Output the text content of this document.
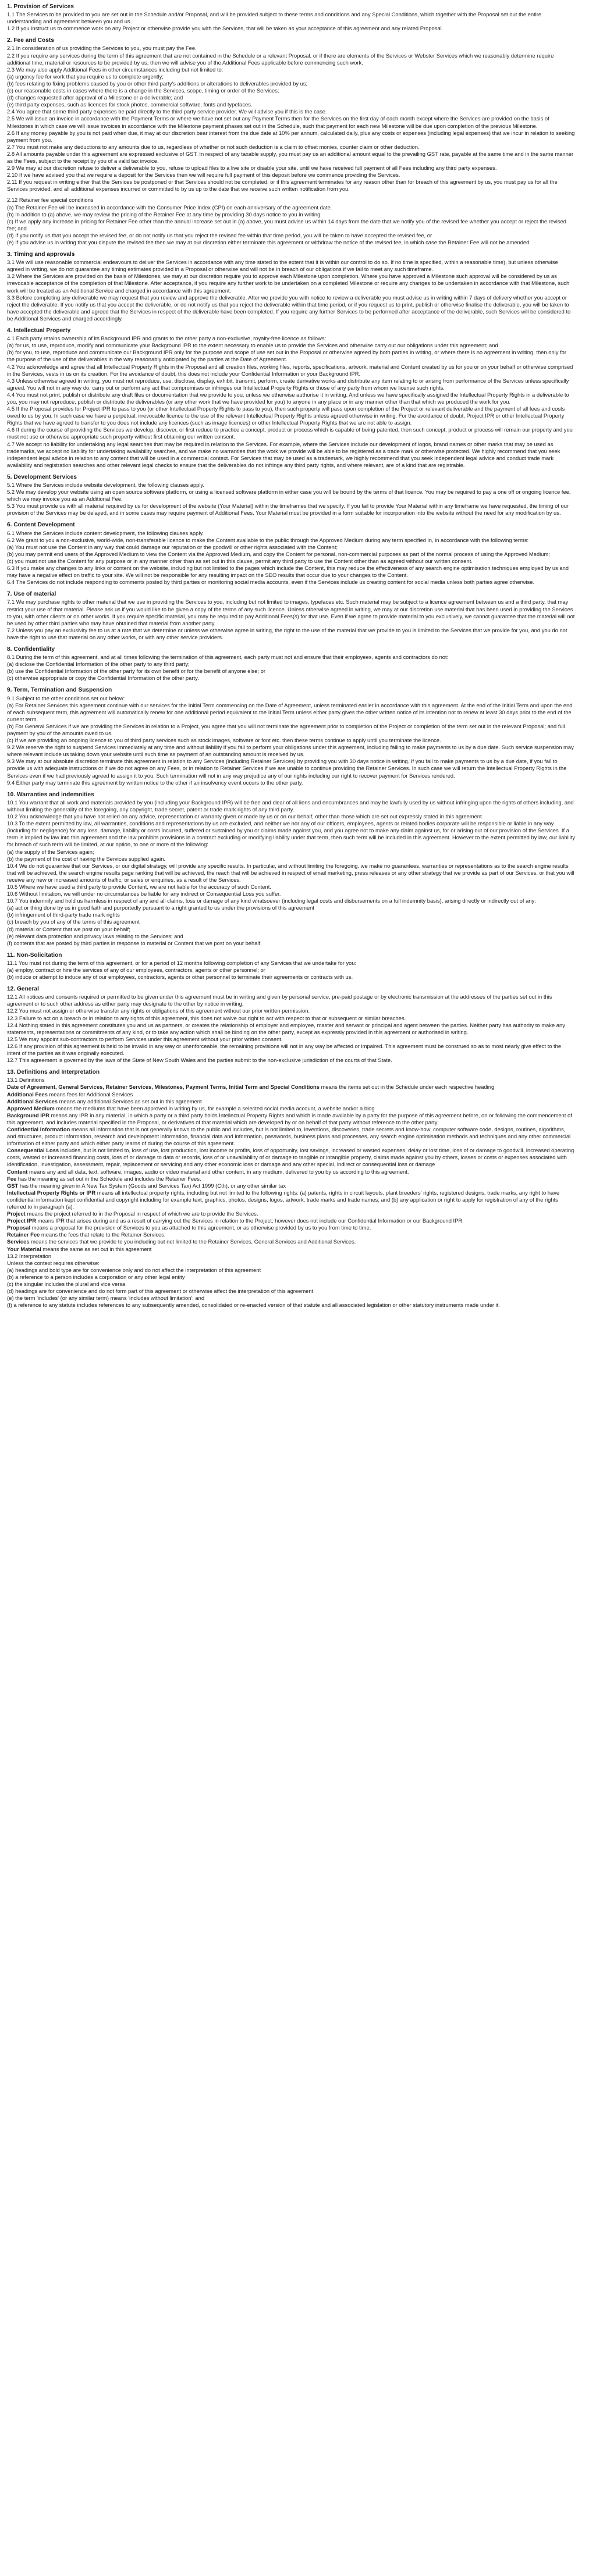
1. Provision of Services

1.1 The Services to be provided to you are set out in the Schedule and/or Proposal, and will be provided subject to these terms and conditions and any Special Conditions, which together with the Proposal set out the entire understanding and agreement between you and us.

1.2 If you instruct us to commence work on any Project or otherwise provide you with the Services, that will be taken as your acceptance of this agreement and any related Proposal.

2. Fee and Costs

2.1 In consideration of us providing the Services to you, you must pay the Fee.

2.2 If you require any services during the term of this agreement that are not contained in the Schedule or a relevant Proposal, or if there are elements of the Services or Webster Services which we reasonably determine require additional time, material or resources to be provided by us, then we will advise you of the Additional Fees applicable before commencing such work.

2.3 We may also apply Additional Fees in other circumstances including but not limited to:

(a) urgency fee for work that you require us to complete urgently;

(b) fees relating to fixing problems caused by you or other third party's additions or alterations to deliverables provided by us;

(c) our reasonable costs in cases where there is a change in the Services, scope, timing or order of the Services;

(d) changes requested after approval of a Milestone or a deliverable; and

(e) third party expenses, such as licences for stock photos, commercial software, fonts and typefaces.

2.4 You agree that some third party expenses be paid directly to the third party service provider. We will advise you if this is the case.

2.5 We will issue an invoice in accordance with the Payment Terms or where we have not set out any Payment Terms then for the Services on the first day of each month except where the Services are provided on the basis of Milestones in which case we will issue invoices in accordance with the Milestone payment phases set out in the Schedule, such that payment for each new Milestone will be due upon completion of the previous Milestone.

2.6 If any money payable by you is not paid when due, it may at our discretion bear interest from the due date at 10% per annum, calculated daily, plus any costs or expenses (including legal expenses) that we incur in relation to seeking payment from you.

2.7 You must not make any deductions to any amounts due to us, regardless of whether or not such deduction is a claim to offset monies, counter claim or other deduction.

2.8 All amounts payable under this agreement are expressed exclusive of GST. In respect of any taxable supply, you must pay us an additional amount equal to the prevailing GST rate, payable at the same time and in the same manner as the Fees, subject to the receipt by you of a valid tax invoice.

2.9 We may at our discretion refuse to deliver a deliverable to you, refuse to upload files to a live site or disable your site, until we have received full payment of all Fees including any third party expenses.

2.10 If we have advised you that we require a deposit for the Services then we will require full payment of this deposit before we commence providing the Services.

2.11 If you request in writing either that the Services be postponed or that Services should not be completed, or if this agreement terminates for any reason other than for breach of this agreement by us, you must pay us for all the Services provided, and all additional expenses incurred or committed to by us up to the date that we receive such written notification from you.

2.12 Retainer fee special conditions

(a) The Retainer Fee will be increased in accordance with the Consumer Price Index (CPI) on each anniversary of the agreement date.

(b) In addition to (a) above, we may review the pricing of the Retainer Fee at any time by providing 30 days notice to you in writing.

(c) If we apply any increase in pricing for Retainer Fee other than the annual increase set out in (a) above, you must advise us within 14 days from the date that we notify you of the revised fee whether you accept or reject the revised fee; and

(d) If you notify us that you accept the revised fee, or do not notify us that you reject the revised fee within that time period, you will be taken to have accepted the revised fee, or

(e) If you advise us in writing that you dispute the revised fee then we may at our discretion either terminate this agreement or withdraw the notice of the revised fee, in which case the Retainer Fee will not be amended.

3. Timing and approvals

3.1 We will use reasonable commercial endeavours to deliver the Services in accordance with any time stated to the extent that it is within our control to do so. If no time is specified, within a reasonable time), but unless otherwise agreed in writing, we do not guarantee any timing estimates provided in a Proposal or otherwise and will not be in breach of our obligations if we fail to meet any such timeframe.

3.2 Where the Services are provided on the basis of Milestones, we may at our discretion require you to approve each Milestone upon completion. Where you have approved a Milestone such approval will be considered by us as irrevocable acceptance of the completion of that Milestone. After acceptance, if you require any further work to be undertaken on a completed Milestone or require any changes to be undertaken in accordance with that Milestone, such work will be treated as an Additional Service and charged in accordance with this agreement.

3.3 Before completing any deliverable we may request that you review and approve the deliverable. After we provide you with notice to review a deliverable you must advise us in writing within 7 days of delivery whether you accept or reject the deliverable. If you notify us that you accept the deliverable, or do not notify us that you reject the deliverable within that time period, or if you request us to print, publish or otherwise finalise the deliverable, you will be taken to have accepted the deliverable and agreed that the Services in respect of the deliverable have been completed. If you require any further Services to be performed after acceptance of the deliverable, such Services will be considered to be Additional Services and charged accordingly.

4. Intellectual Property

4.1 Each party retains ownership of its Background IPR and grants to the other party a non-exclusive, royalty-free licence as follows:

(a) for us, to use, reproduce, modify and communicate your Background IPR to the extent necessary to enable us to provide the Services and otherwise carry out our obligations under this agreement; and

(b) for you, to use, reproduce and communicate our Background IPR only for the purpose and scope of use set out in the Proposal or otherwise agreed by both parties in writing, or where there is no agreement in writing, then only for the purpose of the use of the deliverables in the way reasonably anticipated by the parties at the Date of Agreement.

4.2 You acknowledge and agree that all Intellectual Property Rights in the Proposal and all creation files, working files, reports, specifications, artwork, material and Content created by us for you or on your behalf or otherwise comprised in the Services, vests in us on its creation. For the avoidance of doubt, this does not include your Confidential Information or your Background IPR.

4.3 Unless otherwise agreed in writing, you must not reproduce, use, disclose, display, exhibit, transmit, perform, create derivative works and distribute any item relating to or arising from performance of the Services unless specifically agreed. You will not in any way do, carry out or perform any act that compromises or infringes our Intellectual Property Rights or those of any party from whom we license such rights.

4.4 You must not print, publish or distribute any draft files or documentation that we provide to you, unless we otherwise authorise it in writing. And unless we have specifically assigned the Intellectual Property Rights in a deliverable to you, you may not reproduce, publish or distribute the deliverables (or any other work that we have provided for you) to anyone in any place or in any manner other than that which we produced the work for you.

4.5 If the Proposal provides for Project IPR to pass to you (or other Intellectual Property Rights to pass to you), then such property will pass upon completion of the Project or relevant deliverable and the payment of all fees and costs owed to us by you. In such case we have a perpetual, irrevocable licence to the use of the relevant Intellectual Property Rights unless agreed otherwise in writing. For the avoidance of doubt, Project IPR or other Intellectual Property Rights that we have agreed to transfer to you does not include any licences (such as image licences) or other Intellectual Property Rights that we are not able to assign.

4.6 If during the course of providing the Services we develop, discover, or first reduce to practice a concept, product or process which is capable of being patented, then such concept, product or process will remain our property and you must not use or otherwise appropriate such property without first obtaining our written consent.

4.7 We accept no liability for undertaking any legal searches that may be required in relation to the Services. For example, where the Services include our development of logos, brand names or other marks that may be used as trademarks, we accept no liability for undertaking availability searches, and we make no warranties that the work we provide will be able to be registered as a trade mark or otherwise protected. We highly recommend that you seek independent legal advice in relation to any content that will be used in a commercial context. For Services that may be used as a trademark, we highly recommend that you seek independent legal advice and conduct trade mark availability and registration searches and other relevant legal checks to ensure that the deliverables do not infringe any third party rights, and where relevant, are of a kind that are registrable.

5. Development Services

5.1 Where the Services include website development, the following clauses apply.

5.2 We may develop your website using an open source software platform, or using a licensed software platform in either case you will be bound by the terms of that licence. You may be required to pay a one off or ongoing licence fee, which we may invoice you as an Additional Fee.

5.3 You must provide us with all material required by us for development of the website (Your Material) within the timeframes that we specify. If you fail to provide Your Material within any timeframe we have requested, the timing of our provision of the Services may be delayed, and in some cases may require payment of Additional Fees. Your Material must be provided in a form suitable for incorporation into the website without the need for any modification by us.

6. Content Development

6.1 Where the Services include content development, the following clauses apply.

6.2 We grant to you a non-exclusive, world-wide, non-transferable licence to make the Content available to the public through the Approved Medium during any term specified in, in accordance with the following terms:

(a) You must not use the Content in any way that could damage our reputation or the goodwill or other rights associated with the Content;

(b) you may permit end users of the Approved Medium to view the Content via the Approved Medium, and copy the Content for personal, non-commercial purposes as part of the normal process of using the Approved Medium;

(c) you must not use the Content for any purpose or in any manner other than as set out in this clause, permit any third party to use the Content other than as agreed without our written consent.

6.3 If you make any changes to any links or content on the website, including but not limited to the pages which include the Content, this may reduce the effectiveness of any search engine optimisation techniques employed by us and may have a negative effect on traffic to your site. We will not be responsible for any resulting impact on the SEO results that occur due to your changes to the Content.

6.4 The Services do not include responding to comments posted by third parties or monitoring social media accounts, even if the Services include us creating content for social media unless both parties agree otherwise.

7. Use of material

7.1 We may purchase rights to other material that we use in providing the Services to you, including but not limited to images, typefaces etc. Such material may be subject to a licence agreement between us and a third party, that may restrict your use of that material. Please ask us if you would like to be given a copy of the terms of any such licence. Unless otherwise agreed in writing, we may at our discretion use material that has been used in providing the Services to you, with other clients or on other works. If you require specific material, you may be required to pay Additional Fees(s) for that use. Even if we agree to provide material to you exclusively, we cannot guarantee that the material will not be used by other third parties who may have obtained that material from another party.

7.2 Unless you pay an exclusivity fee to us at a rate that we determine or unless we otherwise agree in writing, the right to the use of the material that we provide to you is limited to the Services that we provide for you, and you do not have the right to use that material on any other works, or with any other service providers.

8. Confidentiality

8.1 During the term of this agreement, and at all times following the termination of this agreement, each party must not and ensure that their employees, agents and contractors do not:

(a) disclose the Confidential Information of the other party to any third party;

(b) use the Confidential Information of the other party for its own benefit or for the benefit of anyone else; or

(c) otherwise appropriate or copy the Confidential Information of the other party.

9. Term, Termination and Suspension

9.1 Subject to the other conditions set out below:

(a) For Retainer Services this agreement continue with our services for the Initial Term commencing on the Date of Agreement, unless terminated earlier in accordance with this agreement. At the end of the Initial Term and upon the end of each subsequent term, this agreement will automatically renew for one additional period equivalent to the Initial Term unless either party gives the other written notice of its intention not to renew at least 30 days prior to the end of the current term.

(b) For General Services if we are providing the Services in relation to a Project, you agree that you will not terminate the agreement prior to completion of the Project or completion of the term set out in the relevant Proposal; and full payment by you of the amounts owed to us.

(c) If we are providing an ongoing licence to you of third party services such as stock images, software or font etc. then these terms continue to apply until you terminate the licence.

9.2 We reserve the right to suspend Services immediately at any time and without liability if you fail to perform your obligations under this agreement, including failing to make payments to us by a due date. Such service suspension may where relevant include us taking down your website until such time as payment of an outstanding amount is received by us.

9.3 We may at our absolute discretion terminate this agreement in relation to any Services (including Retainer Services) by providing you with 30 days notice in writing. If you fail to make payments to us by a due date, if you fail to provide us with adequate instructions or if we do not agree on any Fees, or in relation to Retainer Services if we are unable to continue providing the Retainer Services. In such case we will return the Intellectual Property Rights in the Services even if we had previously agreed to assign it to you. Such termination will not in any way prejudice any of our rights including our right to recover payment for Services rendered.

9.4 Either party may terminate this agreement by written notice to the other if an insolvency event occurs to the other party.

10. Warranties and indemnities

10.1 You warrant that all work and materials provided by you (including your Background IPR) will be free and clear of all liens and encumbrances and may be lawfully used by us without infringing upon the rights of others including, and without limiting the generality of the foregoing, any copyright, trade secret, patent or trade mark rights of any third party.

10.2 You acknowledge that you have not relied on any advice, representation or warranty given or made by us or on our behalf, other than those which are set out expressly stated in this agreement.

10.3 To the extent permitted by law, all warranties, conditions and representations by us are excluded, and neither we nor any of our officers, employees, agents or related bodies corporate will be responsible or liable in any way (including for negligence) for any loss, damage, liability or costs incurred, suffered or sustained by you or claims made against you, and you agree not to make any claim against us, for or arising out of our provision of the Services. If a term is implied by law into this agreement and the law prohibits provisions in a contract excluding or modifying liability under that term, then such term will be included in this agreement. However to the extent permitted by law, our liability for breach of such term will be limited, at our option, to one or more of the following:

(a) the supply of the Services again;

(b) the payment of the cost of having the Services supplied again.

10.4 We do not guarantee that our Services, or our digital strategy, will provide any specific results. In particular, and without limiting the foregoing, we make no guarantees, warranties or representations as to the search engine results that will be achieved, the search engine results page ranking that will be achieved, the reach that will be achieved in respect of email marketing, press releases or any other strategy that we provide as part of our Services, or that you will receive any new or increased amounts of traffic, or sales or enquiries, as a result of the Services.

10.5 Where we have used a third party to provide Content, we are not liable for the accuracy of such Content.

10.6 Without limitation, we will under no circumstances be liable for any indirect or Consequential Loss you suffer.

10.7 You indemnify and hold us harmless in respect of any and all claims, loss or damage of any kind whatsoever (including legal costs and disbursements on a full indemnity basis), arising directly or indirectly out of any:

(a) act or thing done by us in good faith and purportedly pursuant to a right granted to us under the provisions of this agreement

(b) infringement of third-party trade mark rights

(c) breach by you of any of the terms of this agreement

(d) material or Content that we post on your behalf;

(e) relevant data protection and privacy laws relating to the Services; and

(f) contents that are posted by third parties in response to material or Content that we post on your behalf.

11. Non-Solicitation

11.1 You must not during the term of this agreement, or for a period of 12 months following completion of any Services that we undertake for you:

(a) employ, contract or hire the services of any of our employees, contractors, agents or other personnel; or

(b) induce or attempt to induce any of our employees, contractors, agents or other personnel to terminate their agreements or contracts with us.

12. General

12.1 All notices and consents required or permitted to be given under this agreement must be in writing and given by personal service, pre-paid postage or by electronic transmission at the addresses of the parties set out in this agreement or to such other address as either party may designate to the other by notice in writing.

12.2 You must not assign or otherwise transfer any rights or obligations of this agreement without our prior written permission.

12.3 Failure to act on a breach or in relation to any rights of this agreement, this does not waive our right to act with respect to that or subsequent or similar breaches.

12.4 Nothing stated in this agreement constitutes you and us as partners, or creates the relationship of employer and employee, master and servant or principal and agent between the parties. Neither party has authority to make any statements, representations or commitments of any kind, or to take any action which shall be binding on the other party, except as expressly provided in this agreement or authorised in writing.

12.5 We may appoint sub-contractors to perform Services under this agreement without your prior written consent.

12.6 If any provision of this agreement is held to be invalid in any way or unenforceable, the remaining provisions will not in any way be affected or impaired. This agreement must be construed so as to most nearly give effect to the intent of the parties as it was originally executed.

12.7 This agreement is governed by the laws of the State of New South Wales and the parties submit to the non-exclusive jurisdiction of the courts of that State.

13. Definitions and Interpretation

13.1 Definitions

Date of Agreement, General Services, Retainer Services, Milestones, Payment Terms, Initial Term and Special Conditions means the items set out in the Schedule under each respective heading

Additional Fees means fees for Additional Services

Additional Services means any additional Services as set out in this agreement

Approved Medium means the mediums that have been approved in writing by us, for example a selected social media account, a website and/or a blog

Background IPR means any IPR in any material, in which a party or a third party holds Intellectual Property Rights and which is made available by a party for the purpose of this agreement before, on or following the commencement of this agreement, and includes material specified in the Proposal, or derivatives of that material which are developed by or on behalf of that party without reference to the other party.

Confidential Information means all information that is not generally known to the public and includes, but is not limited to, inventions, discoveries, trade secrets and know-how, computer software code, designs, routines, algorithms, and structures, product information, research and development information, financial data and information, passwords, business plans and processes, any search engine optimisation methods and techniques and any other commercial information of either party and which either party learns of during the course of this agreement.

Consequential Loss includes, but is not limited to, loss of use, lost production, lost income or profits, loss of opportunity, lost savings, increased or wasted expenses, delay or lost time, loss of or damage to goodwill, increased operating costs, wasted or increased financing costs, loss of or damage to data or records, loss of or unavailability of or damage to tangible or intangible property, claims made against you by others, losses or costs or expenses associated with identification, investigation, assessment, repair, replacement or servicing and any other economic loss or damage and any other special, indirect or consequential loss or damage

Content means any and all data, text, software, images, audio or video material and other content, in any medium, delivered to you by us according to this agreement.

Fee has the meaning as set out in the Schedule and includes the Retainer Fees.

GST has the meaning given in A New Tax System (Goods and Services Tax) Act 1999 (Cth), or any other similar tax

Intellectual Property Rights or IPR means all intellectual property rights, including but not limited to the following rights: (a) patents, rights in circuit layouts, plant breeders' rights, registered designs, trade marks, any right to have confidential information kept confidential and copyright including for example text, graphics, photos, designs, logos, artwork, trade marks and trade names; and (b) any application or right to apply for registration of any of the rights referred to in paragraph (a).

Project means the project referred to in the Proposal in respect of which we are to provide the Services.

Project IPR means IPR that arises during and as a result of carrying out the Services in relation to the Project; however does not include our Confidential Information or our Background IPR.

Proposal means a proposal for the provision of Services to you as attached to this agreement, or as otherwise provided by us to you from time to time.

Retainer Fee means the fees that relate to the Retainer Services.

Services means the services that we provide to you including but not limited to the Retainer Services, General Services and Additional Services.

Your Material means the same as set out in this agreement

13.2 Interpretation

Unless the context requires otherwise:

(a) headings and bold type are for convenience only and do not affect the interpretation of this agreement

(b) a reference to a person includes a corporation or any other legal entity

(c) the singular includes the plural and vice versa

(d) headings are for convenience and do not form part of this agreement or otherwise affect the interpretation of this agreement

(e) the term 'includes' (or any similar term) means 'includes without limitation'; and

(f) a reference to any statute includes references to any subsequently amended, consolidated or re-enacted version of that statute and all associated legislation or other statutory instruments made under it.
